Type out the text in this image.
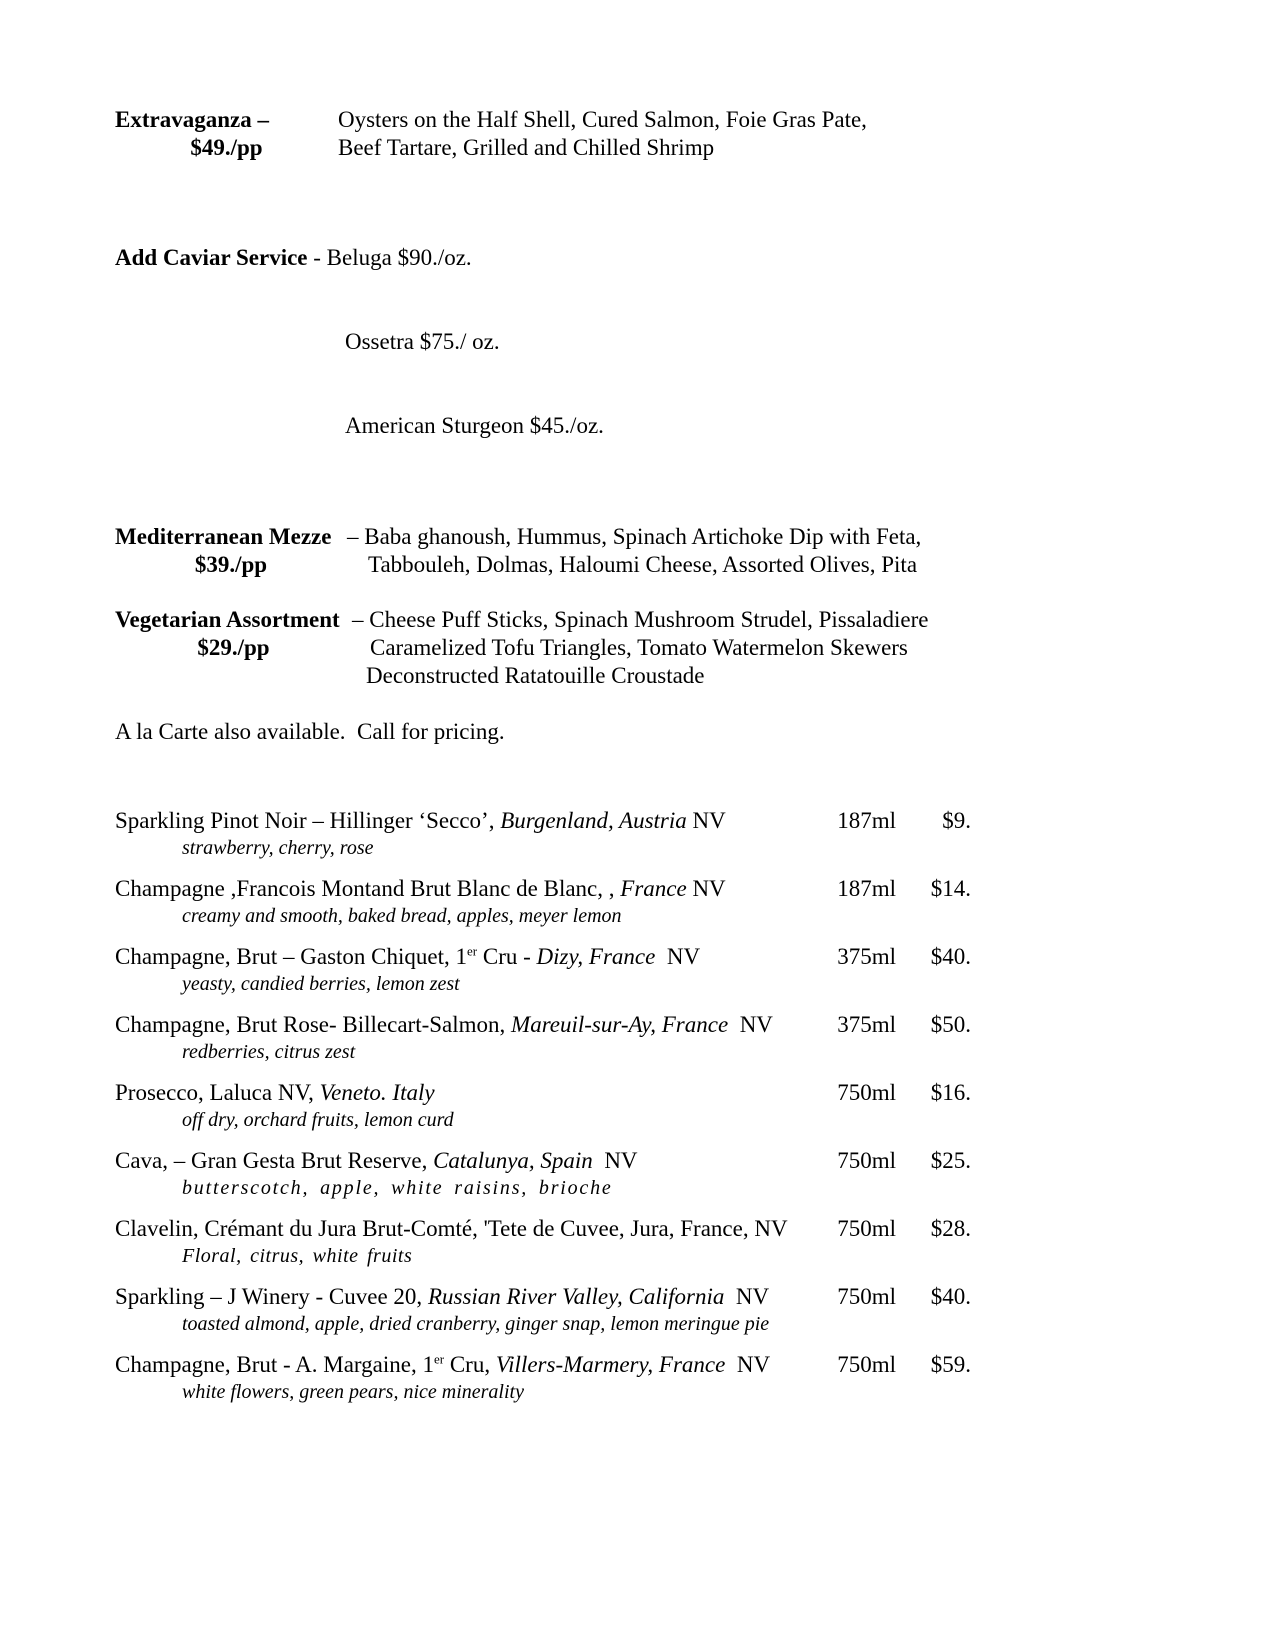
Extravaganza –	Oysters on the Half Shell, Cured Salmon, Foie Gras Pate,
$49./pp	Beef Tartare, Grilled and Chilled Shrimp

Add Caviar Service - Beluga $90./oz.

Ossetra $75./ oz.

American Sturgeon $45./oz.

Mediterranean Mezze – Baba ghanoush, Hummus, Spinach Artichoke Dip with Feta,
$39./pp	Tabbouleh, Dolmas, Haloumi Cheese, Assorted Olives, Pita
Vegetarian Assortment – Cheese Puff Sticks, Spinach Mushroom Strudel, Pissaladiere
$29./pp	Caramelized Tofu Triangles, Tomato Watermelon Skewers
Deconstructed Ratatouille Croustade
A la Carte also available.  Call for pricing.
Sparkling Pinot Noir – Hillinger ‘Secco’, Burgenland, Austria NV	187ml	$9.
strawberry, cherry, rose
Champagne ,Francois Montand Brut Blanc de Blanc, , France NV	187ml	$14.
creamy and smooth, baked bread, apples, meyer lemon
Champagne, Brut – Gaston Chiquet, 1er Cru - Dizy, France  NV	375ml	$40.
yeasty, candied berries, lemon zest
Champagne, Brut Rose- Billecart-Salmon, Mareuil-sur-Ay, France  NV	375ml	$50.
redberries, citrus zest
Prosecco, Laluca NV, Veneto. Italy	750ml	$16.
off dry, orchard fruits, lemon curd
Cava, – Gran Gesta Brut Reserve, Catalunya, Spain  NV	750ml	$25.
butterscotch, apple, white raisins, brioche
Clavelin, Crémant du Jura Brut-Comté, 'Tete de Cuvee, Jura, France, NV	750ml	$28.
Floral, citrus, white fruits
Sparkling – J Winery - Cuvee 20, Russian River Valley, California  NV	750ml	$40.
toasted almond, apple, dried cranberry, ginger snap, lemon meringue pie
Champagne, Brut - A. Margaine, 1er Cru, Villers-Marmery, France  NV	750ml	$59.
white flowers, green pears, nice minerality
